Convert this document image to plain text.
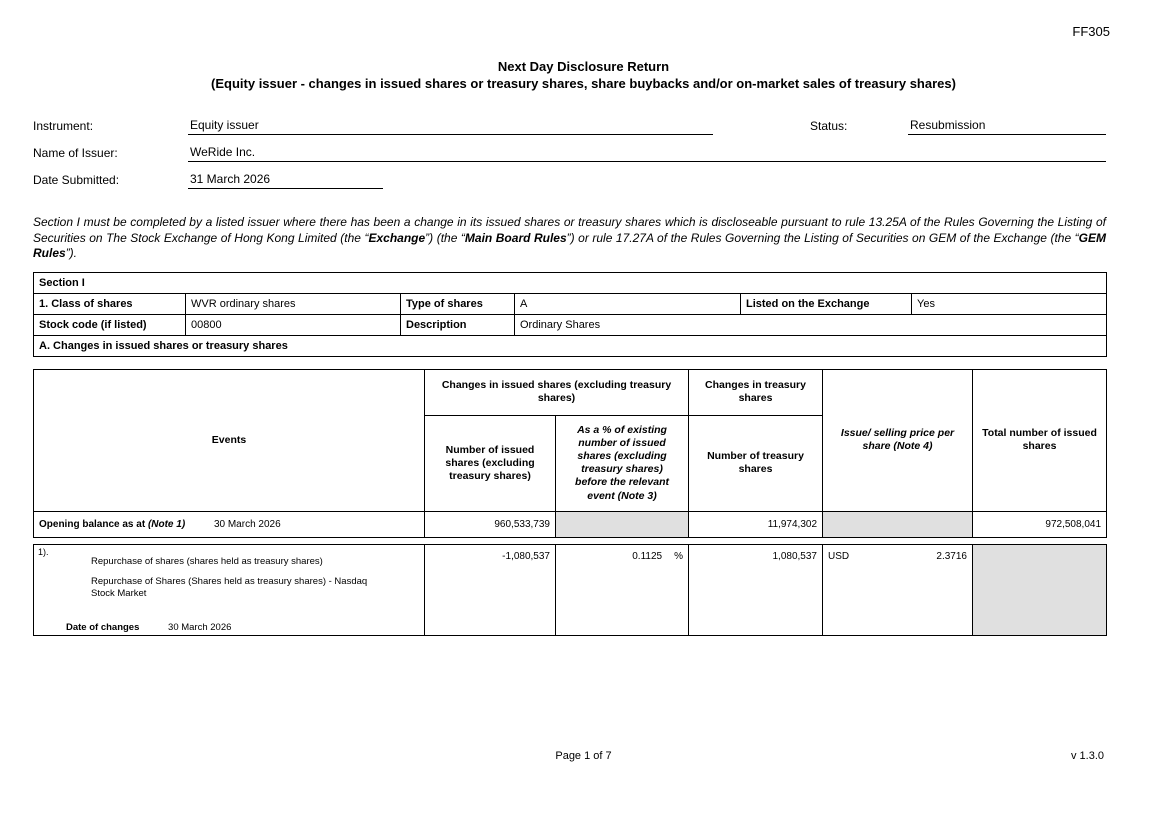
FF305
Next Day Disclosure Return
(Equity issuer - changes in issued shares or treasury shares, share buybacks and/or on-market sales of treasury shares)
Instrument:	Equity issuer	Status:	Resubmission
Name of Issuer:	WeRide Inc.
Date Submitted:	31 March 2026
Section I must be completed by a listed issuer where there has been a change in its issued shares or treasury shares which is discloseable pursuant to rule 13.25A of the Rules Governing the Listing of Securities on The Stock Exchange of Hong Kong Limited (the “Exchange”) (the “Main Board Rules”) or rule 17.27A of the Rules Governing the Listing of Securities on GEM of the Exchange (the “GEM Rules”).
Section I					
1. Class of shares	WVR ordinary shares	Type of shares	A	Listed on the Exchange	Yes
Stock code (if listed)	00800	Description	Ordinary Shares		
A. Changes in issued shares or treasury shares					
Events	Changes in issued shares (excluding treasury shares)		Changes in treasury shares	Issue/ selling price per share (Note 4)	Total number of issued shares
	Number of issued shares (excluding treasury shares)	As a % of existing number of issued shares (excluding treasury shares) before the relevant event (Note 3)	Number of treasury shares		
Opening balance as at (Note 1) 30 March 2026	960,533,739		11,974,302		972,508,041
1).
Repurchase of shares (shares held as treasury shares)
Repurchase of Shares (Shares held as treasury shares) - Nasdaq Stock Market
Date of changes	30 March 2026
	-1,080,537	0.1125 %	1,080,537	USD	2.3716

Page 1 of 7	v 1.3.0
